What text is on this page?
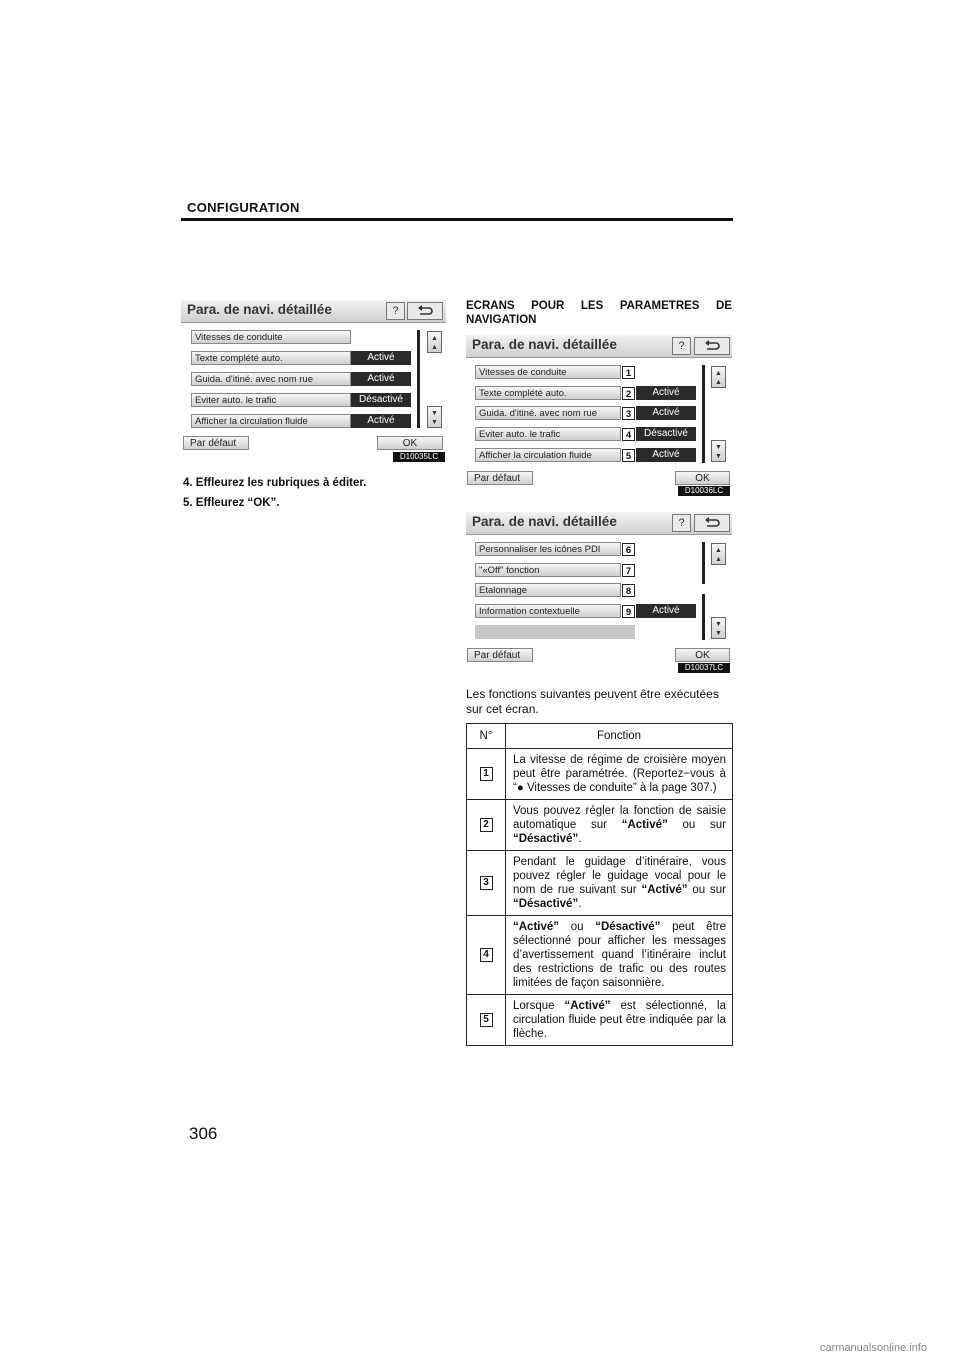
CONFIGURATION
Para. de navi. détaillée	?
Vitesses de conduite
Texte complété auto.	Activé
Guida. d'itiné. avec nom rue	Activé
Eviter auto. le trafic	Désactivé
Afficher la circulation fluide	Activé
▲
▲
▼
▼
Par défaut	OK
D10035LC
4. Effleurez les rubriques à éditer.
5. Effleurez “OK”.
ECRANS POUR LES PARAMETRES DE NAVIGATION
Para. de navi. détaillée	?
Vitesses de conduite	1
Texte complété auto.	2	Activé
Guida. d'itiné. avec nom rue	3	Activé
Eviter auto. le trafic	4	Désactivé
Afficher la circulation fluide	5	Activé
▲
▲
▼
▼
Par défaut	OK
D10036LC
Para. de navi. détaillée	?
Personnaliser les icônes PDI	6
"«Off" fonction	7
Etalonnage	8
Information contextuelle	9	Activé
▲
▲
▼
▼
Par défaut	OK
D10037LC
Les fonctions suivantes peuvent être exécutées sur cet écran.
N°	Fonction
1	La vitesse de régime de croisière moyen peut être paramétrée. (Reportez−vous à “● Vitesses de conduite” à la page 307.)
2	Vous pouvez régler la fonction de saisie automatique sur “Activé” ou sur “Désactivé”.
3	Pendant le guidage d’itinéraire, vous pouvez régler le guidage vocal pour le nom de rue suivant sur “Activé” ou sur “Désactivé”.
4	“Activé” ou “Désactivé” peut être sélectionné pour afficher les messages d’avertissement quand l’itinéraire inclut des restrictions de trafic ou des routes limitées de façon saisonnière.
5	Lorsque “Activé” est sélectionné, la circulation fluide peut être indiquée par la flèche.
306
carmanualsonline.info
